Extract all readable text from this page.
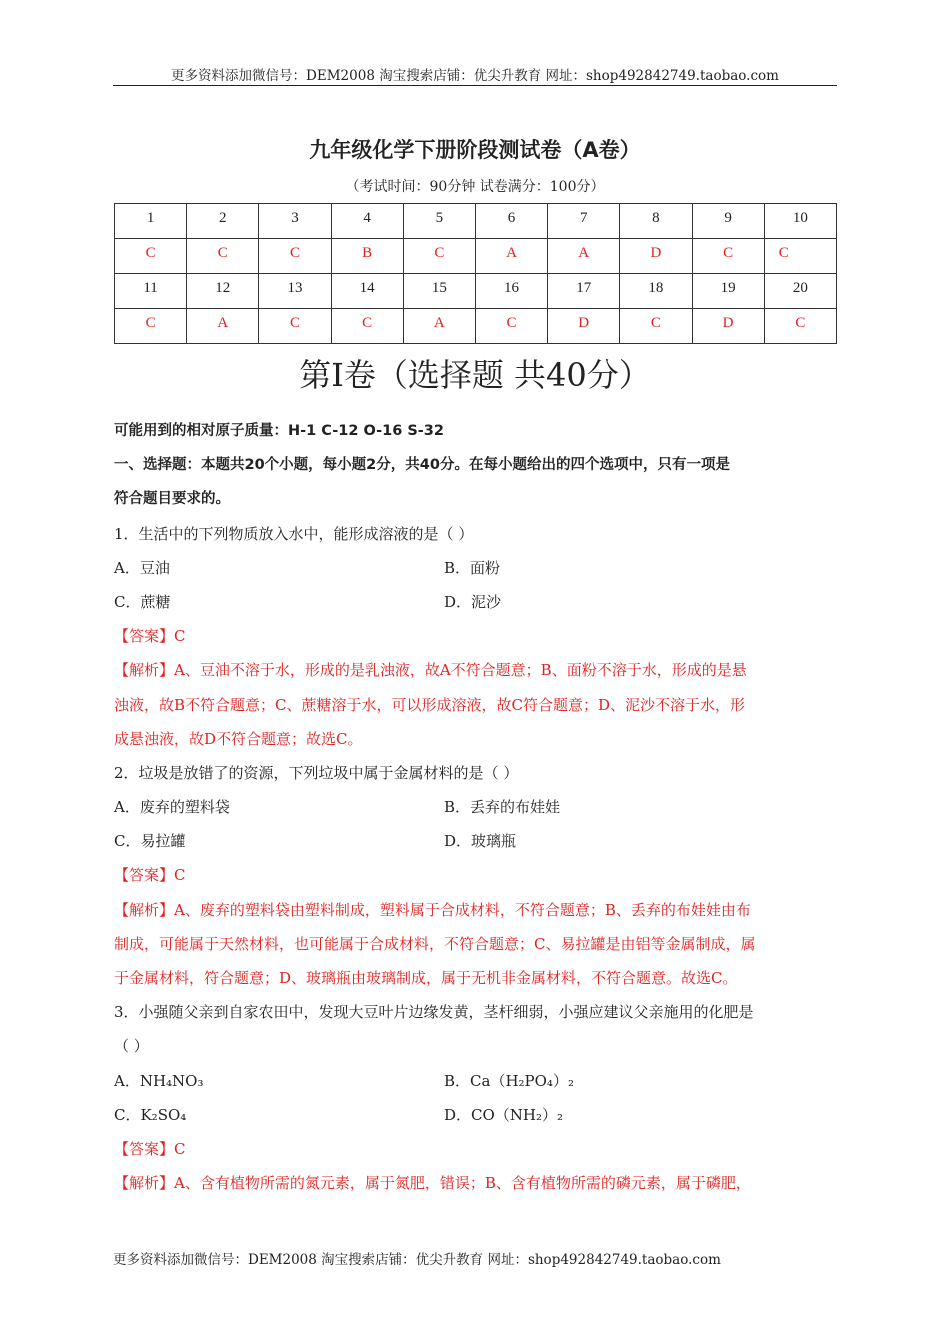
更多资料添加微信号：DEM2008 淘宝搜索店铺：优尖升教育 网址：shop492842749.taobao.com
九年级化学下册阶段测试卷（A卷）
（考试时间：90分钟 试卷满分：100分）
1	2	3	4	5	6	7	8	9	10
C	C	C	B	C	A	A	D	C	C
11	12	13	14	15	16	17	18	19	20
C	A	C	C	A	C	D	C	D	C
第Ⅰ卷（选择题 共40分）
可能用到的相对原子质量：H-1 C-12 O-16 S-32
一、选择题：本题共20个小题，每小题2分，共40分。在每小题给出的四个选项中，只有一项是
符合题目要求的。
1．生活中的下列物质放入水中，能形成溶液的是（ ）
A．豆油	B．面粉
C．蔗糖	D．泥沙
【答案】C
【解析】A、豆油不溶于水，形成的是乳浊液，故A不符合题意；B、面粉不溶于水，形成的是悬
浊液，故B不符合题意；C、蔗糖溶于水，可以形成溶液，故C符合题意；D、泥沙不溶于水，形
成悬浊液，故D不符合题意；故选C。
2．垃圾是放错了的资源，下列垃圾中属于金属材料的是（ ）
A．废弃的塑料袋	B．丢弃的布娃娃
C．易拉罐	D．玻璃瓶
【答案】C
【解析】A、废弃的塑料袋由塑料制成，塑料属于合成材料，不符合题意；B、丢弃的布娃娃由布
制成，可能属于天然材料，也可能属于合成材料，不符合题意；C、易拉罐是由铝等金属制成，属
于金属材料，符合题意；D、玻璃瓶由玻璃制成，属于无机非金属材料，不符合题意。故选C。
3．小强随父亲到自家农田中，发现大豆叶片边缘发黄，茎杆细弱，小强应建议父亲施用的化肥是
（ ）
A．NH₄NO₃	B．Ca（H₂PO₄）₂
C．K₂SO₄	D．CO（NH₂）₂
【答案】C
【解析】A、含有植物所需的氮元素，属于氮肥，错误；B、含有植物所需的磷元素，属于磷肥，
更多资料添加微信号：DEM2008 淘宝搜索店铺：优尖升教育 网址：shop492842749.taobao.com
